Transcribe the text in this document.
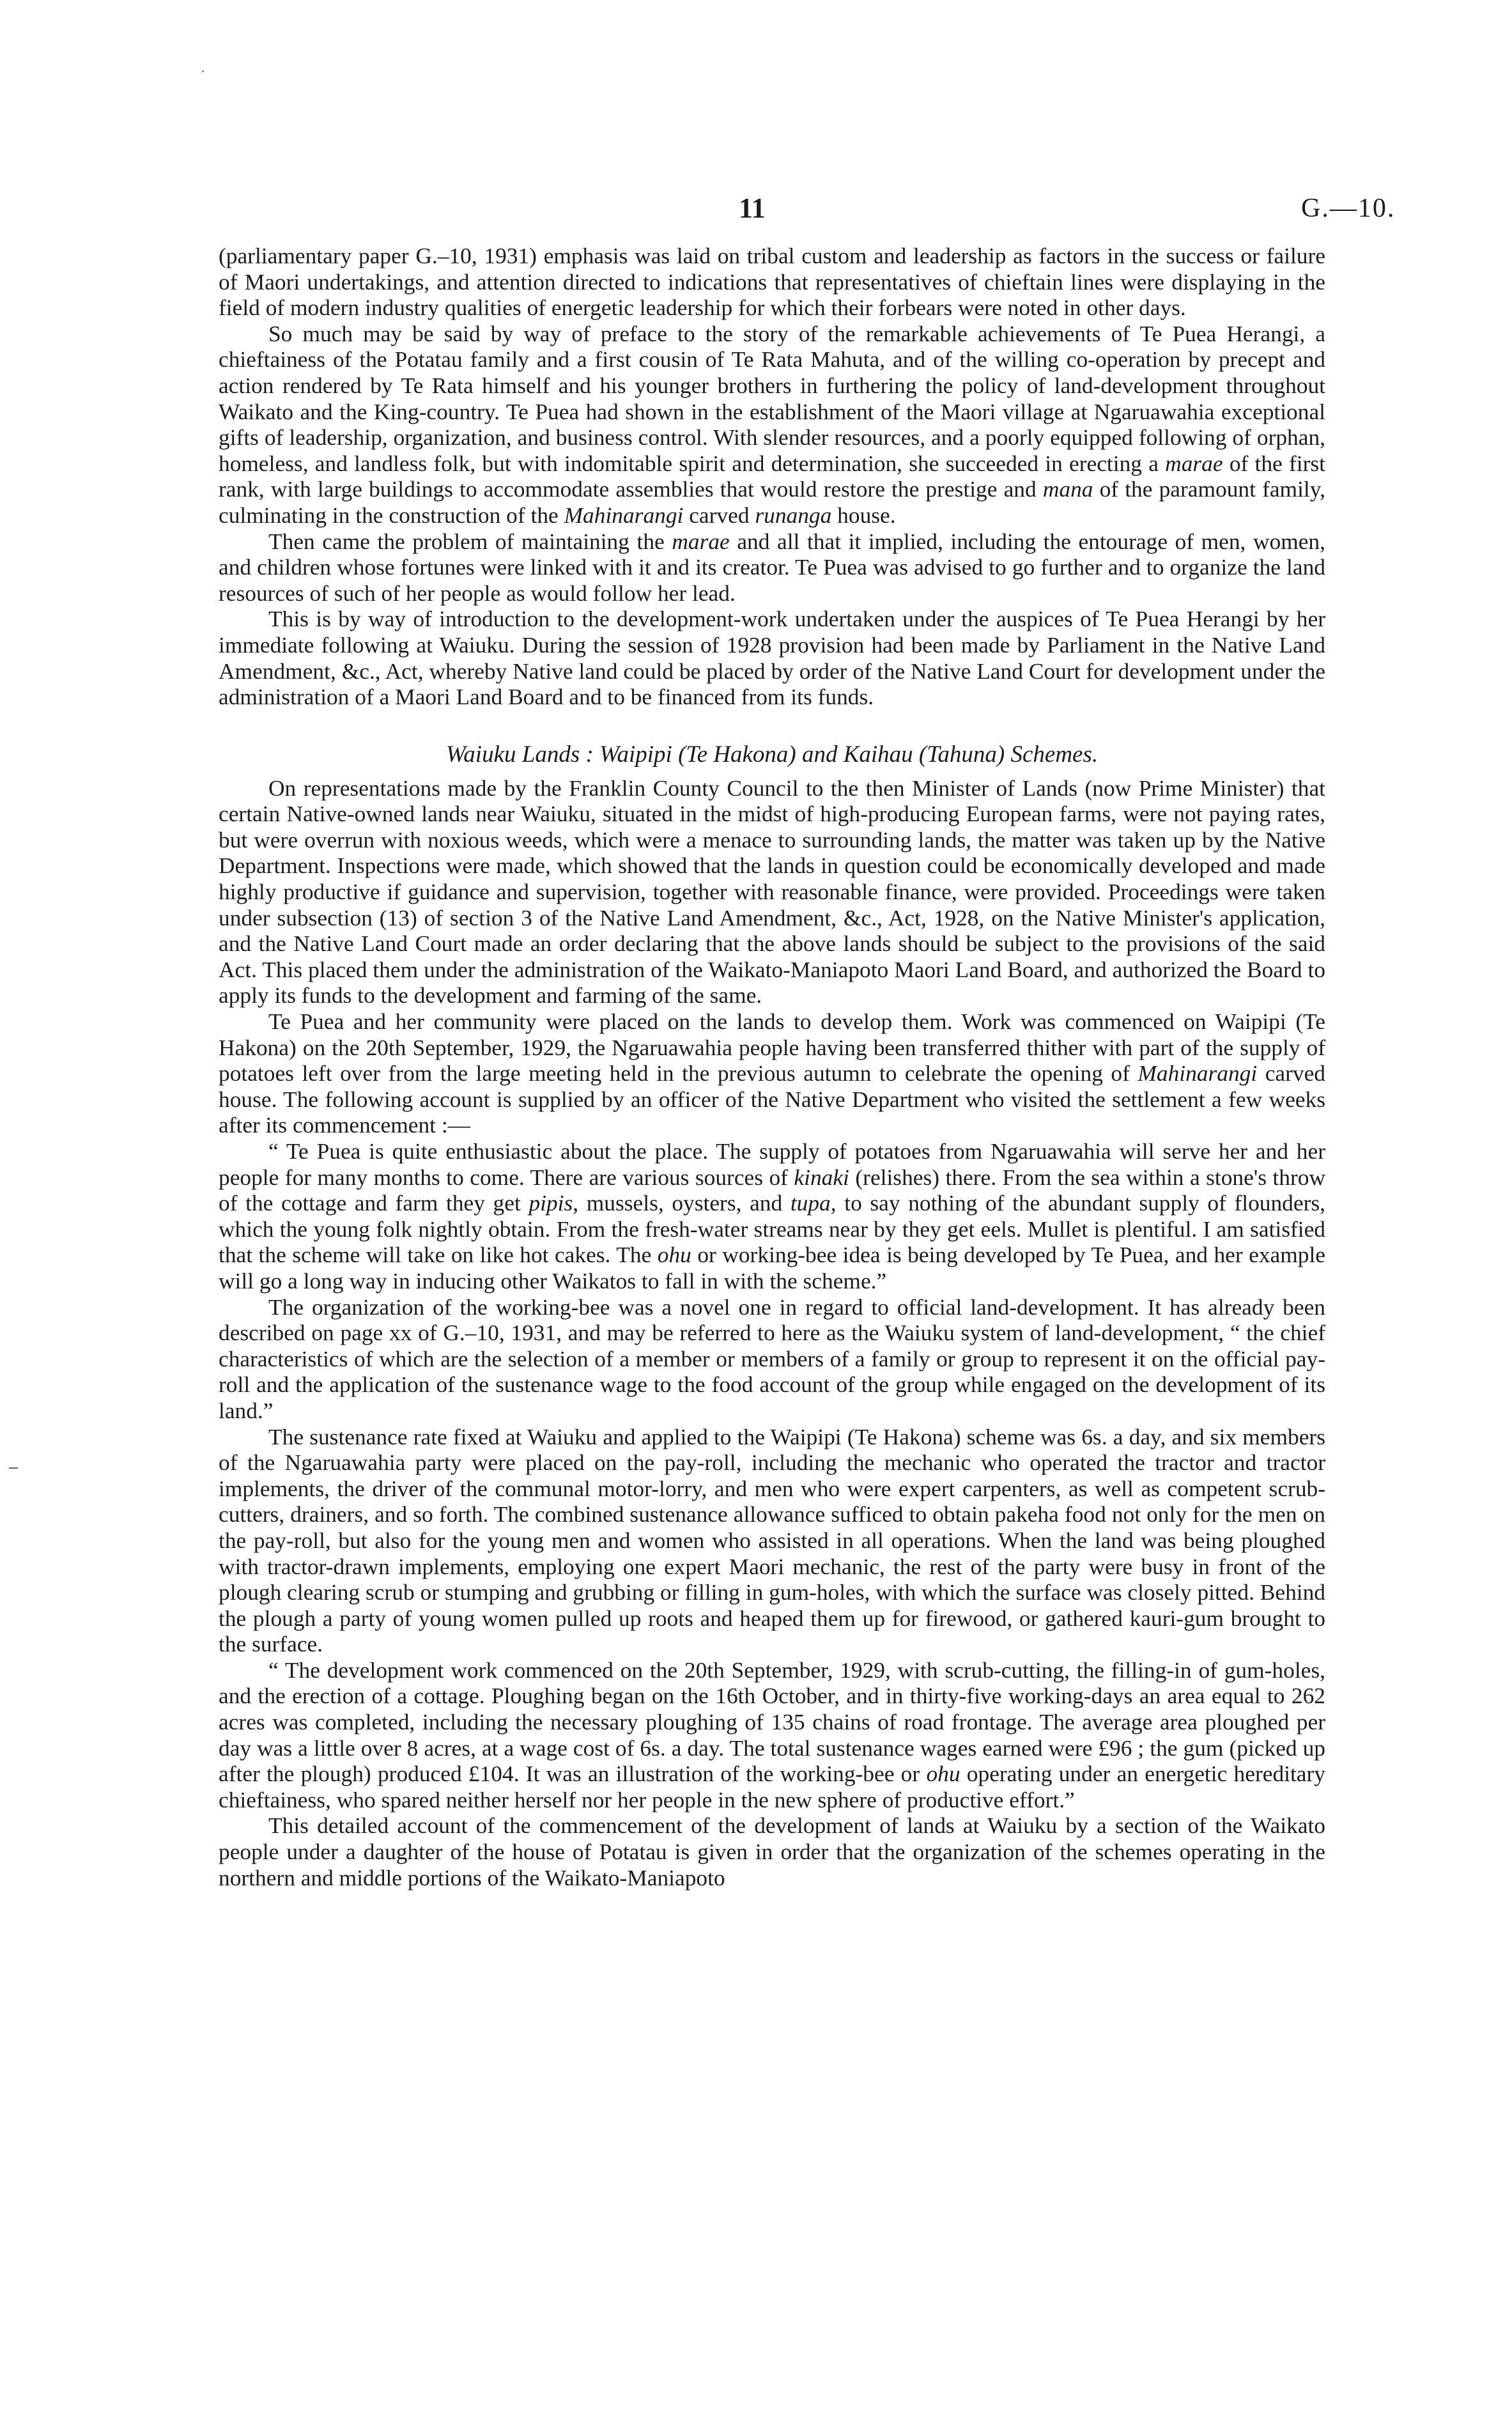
11	G.—10.

(parliamentary paper G.–10, 1931) emphasis was laid on tribal custom and leadership as factors in the success or failure of Maori undertakings, and attention directed to indications that representatives of chieftain lines were displaying in the field of modern industry qualities of energetic leadership for which their forbears were noted in other days.

So much may be said by way of preface to the story of the remarkable achievements of Te Puea Herangi, a chieftainess of the Potatau family and a first cousin of Te Rata Mahuta, and of the willing co-operation by precept and action rendered by Te Rata himself and his younger brothers in furthering the policy of land-development throughout Waikato and the King-country. Te Puea had shown in the establishment of the Maori village at Ngaruawahia exceptional gifts of leadership, organization, and business control. With slender resources, and a poorly equipped following of orphan, homeless, and landless folk, but with indomitable spirit and determination, she succeeded in erecting a marae of the first rank, with large buildings to accommodate assemblies that would restore the prestige and mana of the paramount family, culminating in the construction of the Mahinarangi carved runanga house.

Then came the problem of maintaining the marae and all that it implied, including the entourage of men, women, and children whose fortunes were linked with it and its creator. Te Puea was advised to go further and to organize the land resources of such of her people as would follow her lead.

This is by way of introduction to the development-work undertaken under the auspices of Te Puea Herangi by her immediate following at Waiuku. During the session of 1928 provision had been made by Parliament in the Native Land Amendment, &c., Act, whereby Native land could be placed by order of the Native Land Court for development under the administration of a Maori Land Board and to be financed from its funds.

Waiuku Lands : Waipipi (Te Hakona) and Kaihau (Tahuna) Schemes.

On representations made by the Franklin County Council to the then Minister of Lands (now Prime Minister) that certain Native-owned lands near Waiuku, situated in the midst of high-producing European farms, were not paying rates, but were overrun with noxious weeds, which were a menace to surrounding lands, the matter was taken up by the Native Department. Inspections were made, which showed that the lands in question could be economically developed and made highly productive if guidance and supervision, together with reasonable finance, were provided. Proceedings were taken under subsection (13) of section 3 of the Native Land Amendment, &c., Act, 1928, on the Native Minister's application, and the Native Land Court made an order declaring that the above lands should be subject to the provisions of the said Act. This placed them under the administration of the Waikato-Maniapoto Maori Land Board, and authorized the Board to apply its funds to the development and farming of the same.

Te Puea and her community were placed on the lands to develop them. Work was commenced on Waipipi (Te Hakona) on the 20th September, 1929, the Ngaruawahia people having been transferred thither with part of the supply of potatoes left over from the large meeting held in the previous autumn to celebrate the opening of Mahinarangi carved house. The following account is supplied by an officer of the Native Department who visited the settlement a few weeks after its commencement :—

“ Te Puea is quite enthusiastic about the place. The supply of potatoes from Ngaruawahia will serve her and her people for many months to come. There are various sources of kinaki (relishes) there. From the sea within a stone's throw of the cottage and farm they get pipis, mussels, oysters, and tupa, to say nothing of the abundant supply of flounders, which the young folk nightly obtain. From the fresh-water streams near by they get eels. Mullet is plentiful. I am satisfied that the scheme will take on like hot cakes. The ohu or working-bee idea is being developed by Te Puea, and her example will go a long way in inducing other Waikatos to fall in with the scheme.”

The organization of the working-bee was a novel one in regard to official land-development. It has already been described on page xx of G.–10, 1931, and may be referred to here as the Waiuku system of land-development, “ the chief characteristics of which are the selection of a member or members of a family or group to represent it on the official pay-roll and the application of the sustenance wage to the food account of the group while engaged on the development of its land.”

The sustenance rate fixed at Waiuku and applied to the Waipipi (Te Hakona) scheme was 6s. a day, and six members of the Ngaruawahia party were placed on the pay-roll, including the mechanic who operated the tractor and tractor implements, the driver of the communal motor-lorry, and men who were expert carpenters, as well as competent scrub-cutters, drainers, and so forth. The combined sustenance allowance sufficed to obtain pakeha food not only for the men on the pay-roll, but also for the young men and women who assisted in all operations. When the land was being ploughed with tractor-drawn implements, employing one expert Maori mechanic, the rest of the party were busy in front of the plough clearing scrub or stumping and grubbing or filling in gum-holes, with which the surface was closely pitted. Behind the plough a party of young women pulled up roots and heaped them up for firewood, or gathered kauri-gum brought to the surface.

“ The development work commenced on the 20th September, 1929, with scrub-cutting, the filling-in of gum-holes, and the erection of a cottage. Ploughing began on the 16th October, and in thirty-five working-days an area equal to 262 acres was completed, including the necessary ploughing of 135 chains of road frontage. The average area ploughed per day was a little over 8 acres, at a wage cost of 6s. a day. The total sustenance wages earned were £96 ; the gum (picked up after the plough) produced £104. It was an illustration of the working-bee or ohu operating under an energetic hereditary chieftainess, who spared neither herself nor her people in the new sphere of productive effort.”

This detailed account of the commencement of the development of lands at Waiuku by a section of the Waikato people under a daughter of the house of Potatau is given in order that the organization of the schemes operating in the northern and middle portions of the Waikato-Maniapoto
